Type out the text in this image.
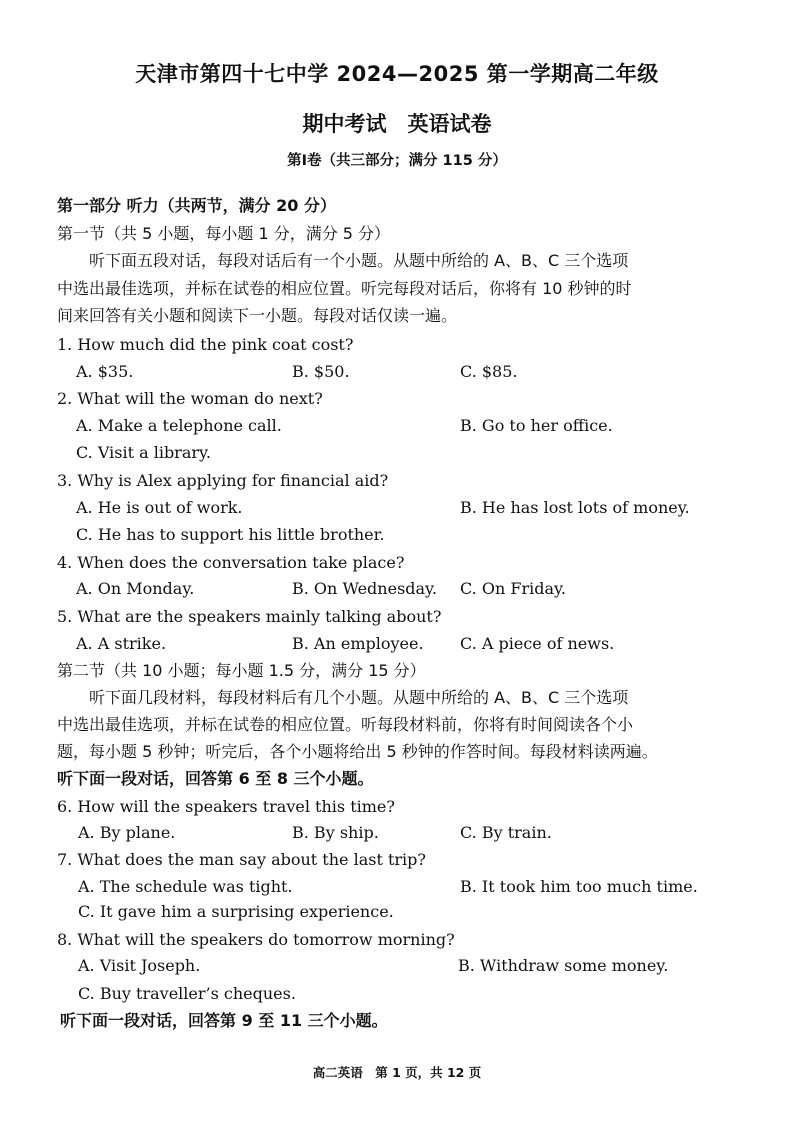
天津市第四十七中学 2024—2025 第一学期高二年级
期中考试　英语试卷
第Ⅰ卷（共三部分；满分 115 分）
第一部分 听力（共两节，满分 20 分）
第一节（共 5 小题，每小题 1 分，满分 5 分）
　　听下面五段对话，每段对话后有一个小题。从题中所给的 A、B、C 三个选项
中选出最佳选项，并标在试卷的相应位置。听完每段对话后，你将有 10 秒钟的时
间来回答有关小题和阅读下一小题。每段对话仅读一遍。
1. How much did the pink coat cost?
A. $35.	B. $50.	C. $85.
2. What will the woman do next?
A. Make a telephone call.	B. Go to her office.
C. Visit a library.
3. Why is Alex applying for financial aid?
A. He is out of work.	B. He has lost lots of money.
C. He has to support his little brother.
4. When does the conversation take place?
A. On Monday.	B. On Wednesday. C. On Friday.
5. What are the speakers mainly talking about?
A. A strike.	B. An employee. C. A piece of news.
第二节（共 10 小题；每小题 1.5 分，满分 15 分）
　　听下面几段材料，每段材料后有几个小题。从题中所给的 A、B、C 三个选项
中选出最佳选项，并标在试卷的相应位置。听每段材料前，你将有时间阅读各个小
题，每小题 5 秒钟；听完后，各个小题将给出 5 秒钟的作答时间。每段材料读两遍。
听下面一段对话，回答第 6 至 8 三个小题。
6. How will the speakers travel this time?
A. By plane.	B. By ship.	C. By train.
7. What does the man say about the last trip?
A. The schedule was tight.	B. It took him too much time.
C. It gave him a surprising experience.
8. What will the speakers do tomorrow morning?
A. Visit Joseph.	B. Withdraw some money.
C. Buy traveller’s cheques.
听下面一段对话，回答第 9 至 11 三个小题。
高二英语　第 1 页，共 12 页
